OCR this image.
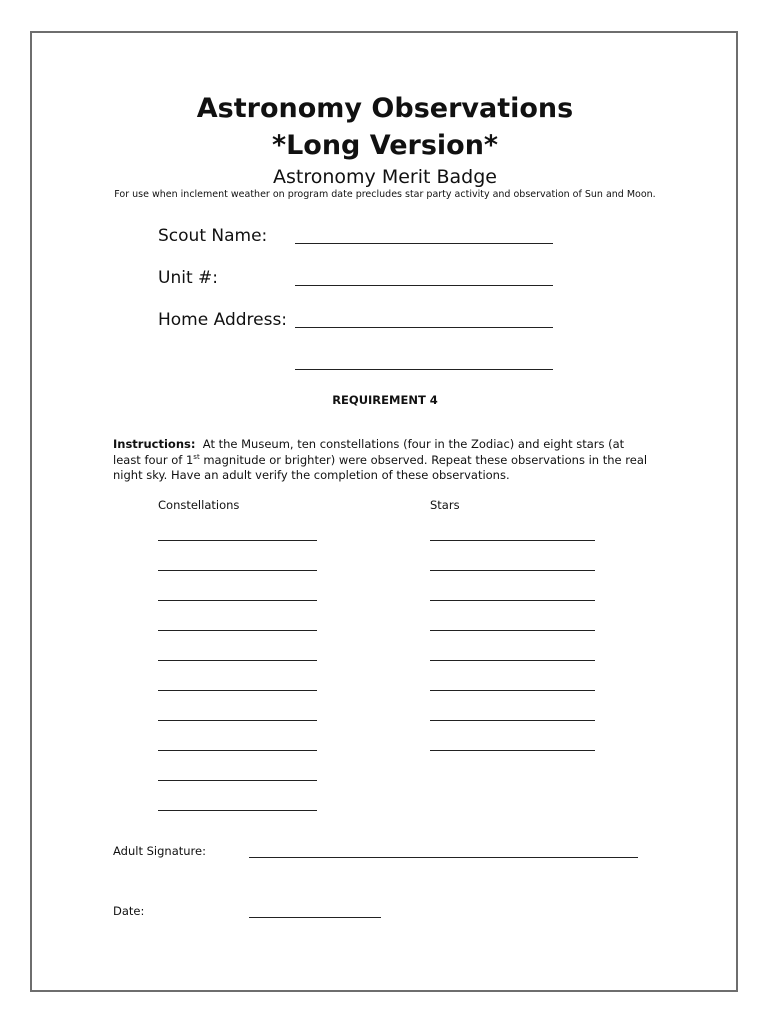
Astronomy Observations
*Long Version*
Astronomy Merit Badge
For use when inclement weather on program date precludes star party activity and observation of Sun and Moon.
Scout Name:
Unit #:
Home Address:
REQUIREMENT 4
Instructions: At the Museum, ten constellations (four in the Zodiac) and eight stars (at least four of 1st magnitude or brighter) were observed. Repeat these observations in the real night sky. Have an adult verify the completion of these observations.
Constellations	Stars
Adult Signature:
Date:
